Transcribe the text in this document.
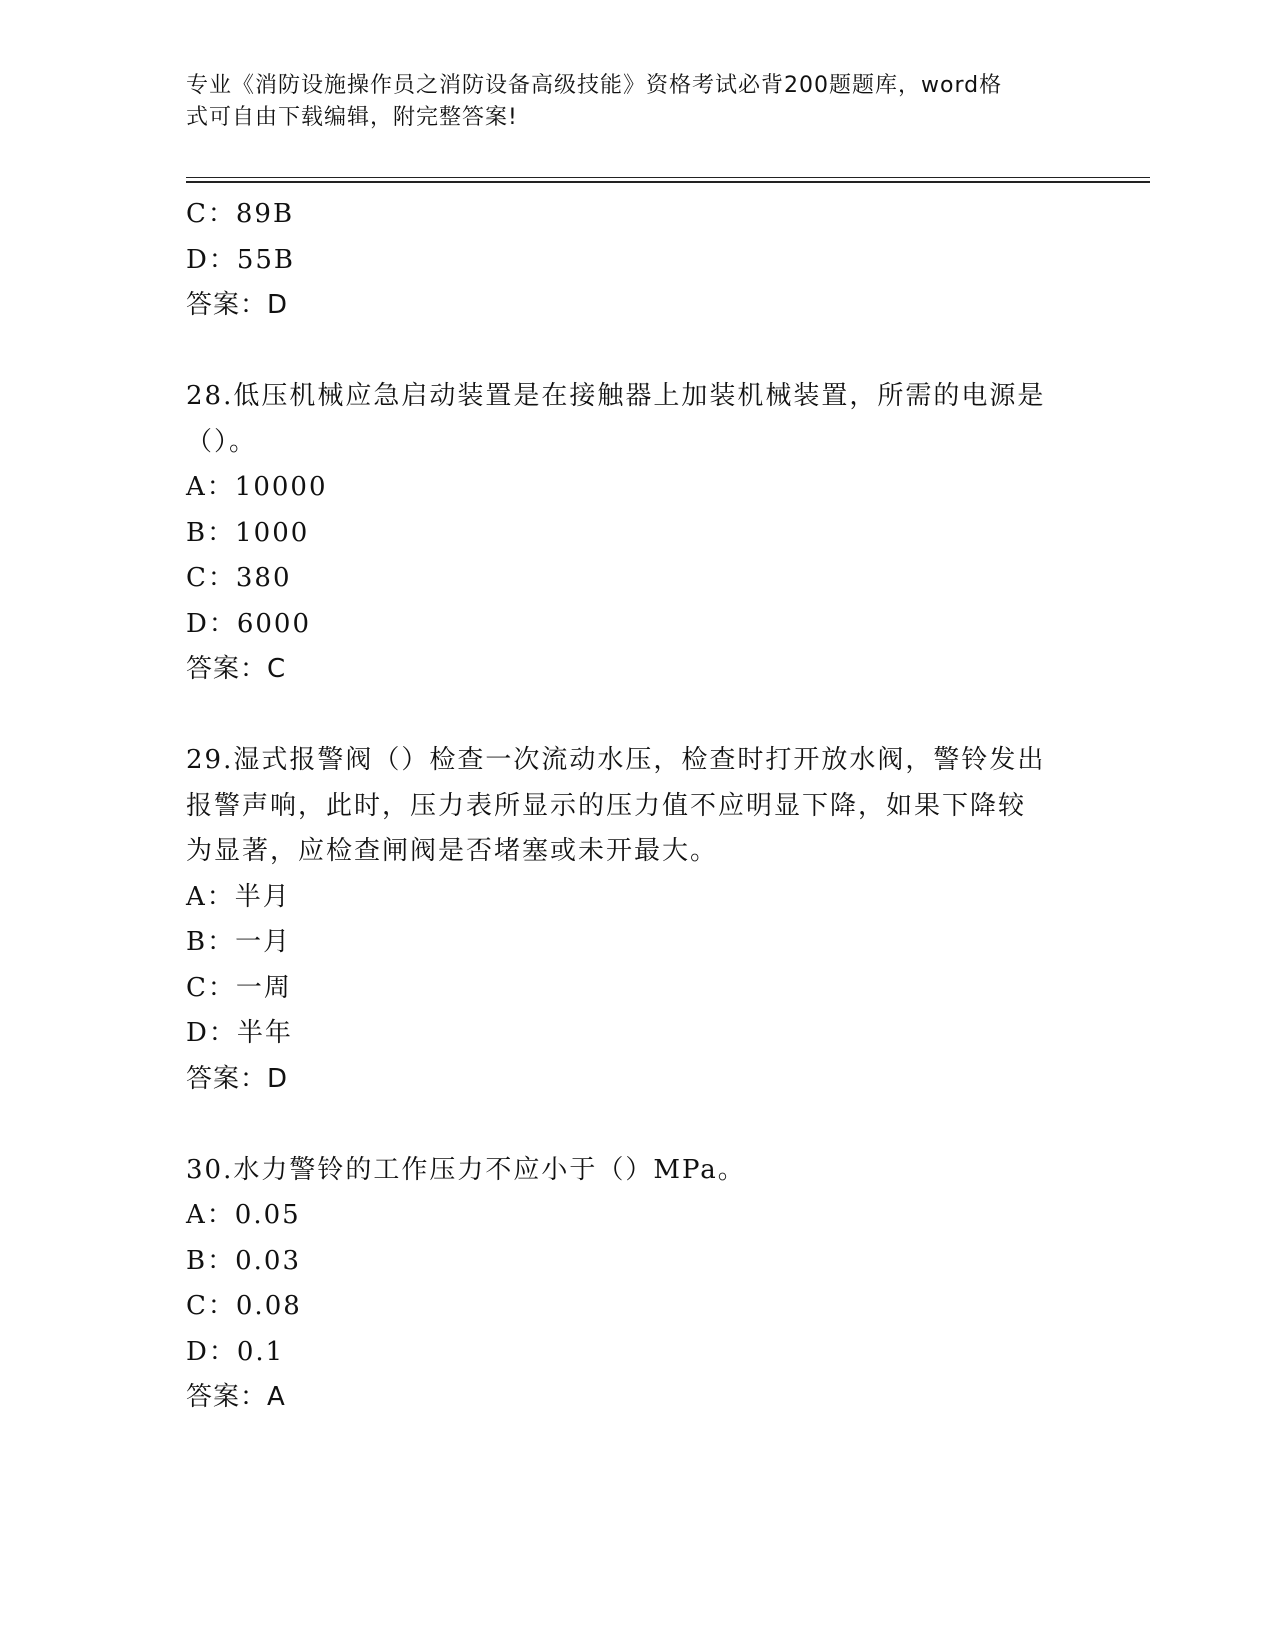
专业《消防设施操作员之消防设备高级技能》资格考试必背200题题库，word格
式可自由下载编辑，附完整答案!

C：89B

D：55B

答案：D

28.低压机械应急启动装置是在接触器上加装机械装置，所需的电源是

（）。

A：10000

B：1000

C：380

D：6000

答案：C

29.湿式报警阀（）检查一次流动水压，检查时打开放水阀，警铃发出

报警声响，此时，压力表所显示的压力值不应明显下降，如果下降较

为显著，应检查闸阀是否堵塞或未开最大。

A：半月

B：一月

C：一周

D：半年

答案：D

30.水力警铃的工作压力不应小于（）MPa。

A：0.05

B：0.03

C：0.08

D：0.1

答案：A
